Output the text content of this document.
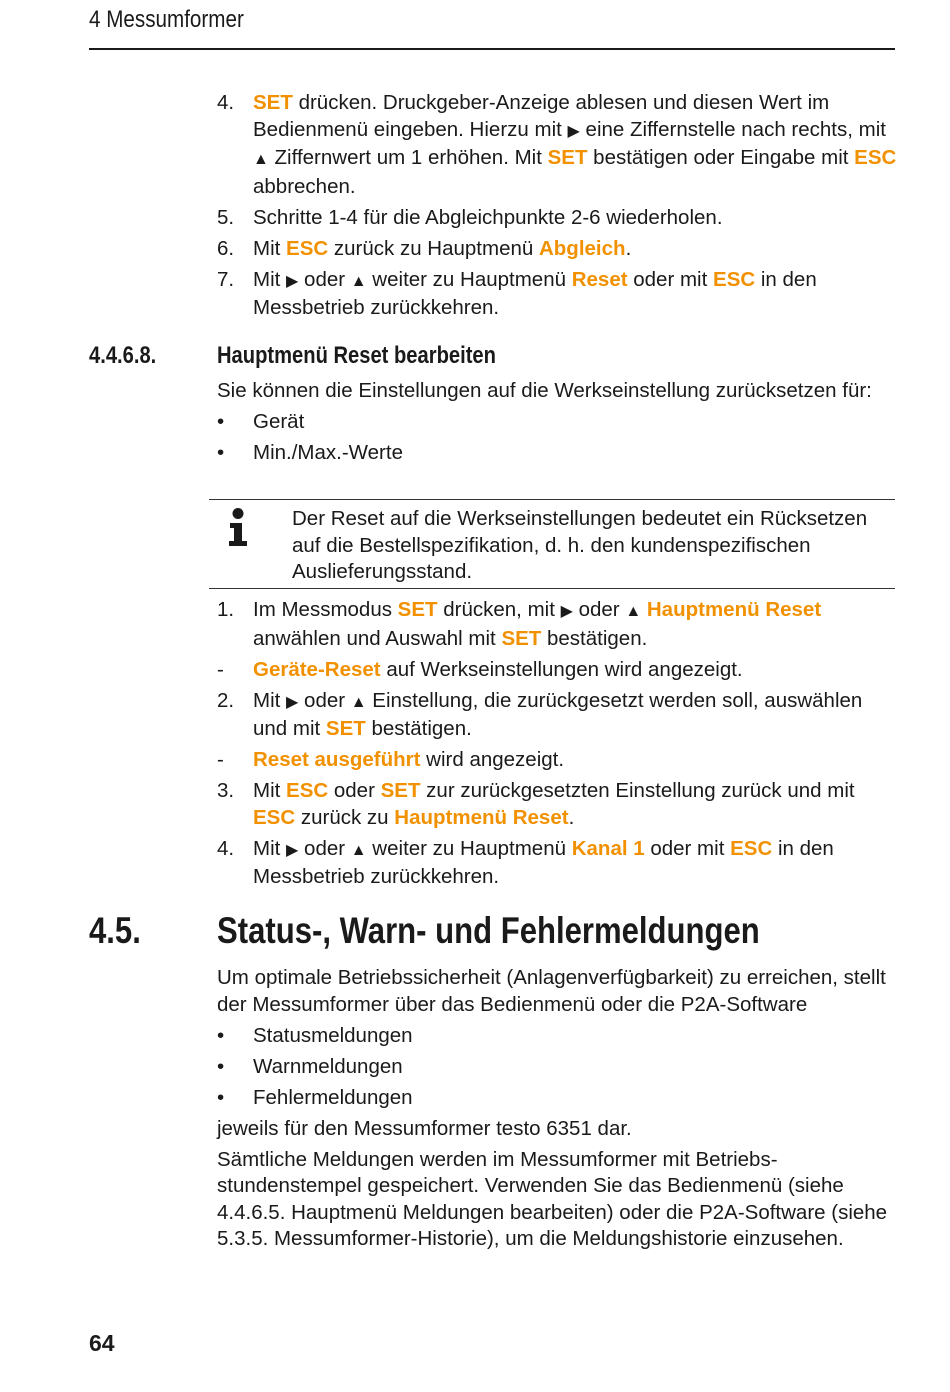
4 Messumformer
4. SET drücken. Druckgeber-Anzeige ablesen und diesen Wert im Bedienmenü eingeben. Hierzu mit ▶ eine Ziffernstelle nach rechts, mit ▲ Ziffernwert um 1 erhöhen. Mit SET bestätigen oder Eingabe mit ESC abbrechen.
5. Schritte 1-4 für die Abgleichpunkte 2-6 wiederholen.
6. Mit ESC zurück zu Hauptmenü Abgleich.
7. Mit ▶ oder ▲ weiter zu Hauptmenü Reset oder mit ESC in den Messbetrieb zurückkehren.
4.4.6.8.	Hauptmenü Reset bearbeiten
Sie können die Einstellungen auf die Werkseinstellung zurücksetzen für:
• Gerät
• Min./Max.-Werte
Der Reset auf die Werkseinstellungen bedeutet ein Rücksetzen auf die Bestellspezifikation, d. h. den kundenspezifischen Auslieferungsstand.
1. Im Messmodus SET drücken, mit ▶ oder ▲ Hauptmenü Reset anwählen und Auswahl mit SET bestätigen.
- Geräte-Reset auf Werkseinstellungen wird angezeigt.
2. Mit ▶ oder ▲ Einstellung, die zurückgesetzt werden soll, auswählen und mit SET bestätigen.
- Reset ausgeführt wird angezeigt.
3. Mit ESC oder SET zur zurückgesetzten Einstellung zurück und mit ESC zurück zu Hauptmenü Reset.
4. Mit ▶ oder ▲ weiter zu Hauptmenü Kanal 1 oder mit ESC in den Messbetrieb zurückkehren.
4.5. Status-, Warn- und Fehlermeldungen
Um optimale Betriebssicherheit (Anlagenverfügbarkeit) zu erreichen, stellt der Messumformer über das Bedienmenü oder die P2A-Software
• Statusmeldungen
• Warnmeldungen
• Fehlermeldungen
jeweils für den Messumformer testo 6351 dar.
Sämtliche Meldungen werden im Messumformer mit Betriebs-stundenstempel gespeichert. Verwenden Sie das Bedienmenü (siehe 4.4.6.5. Hauptmenü Meldungen bearbeiten) oder die P2A-Software (siehe 5.3.5. Messumformer-Historie), um die Meldungshistorie einzusehen.
64
